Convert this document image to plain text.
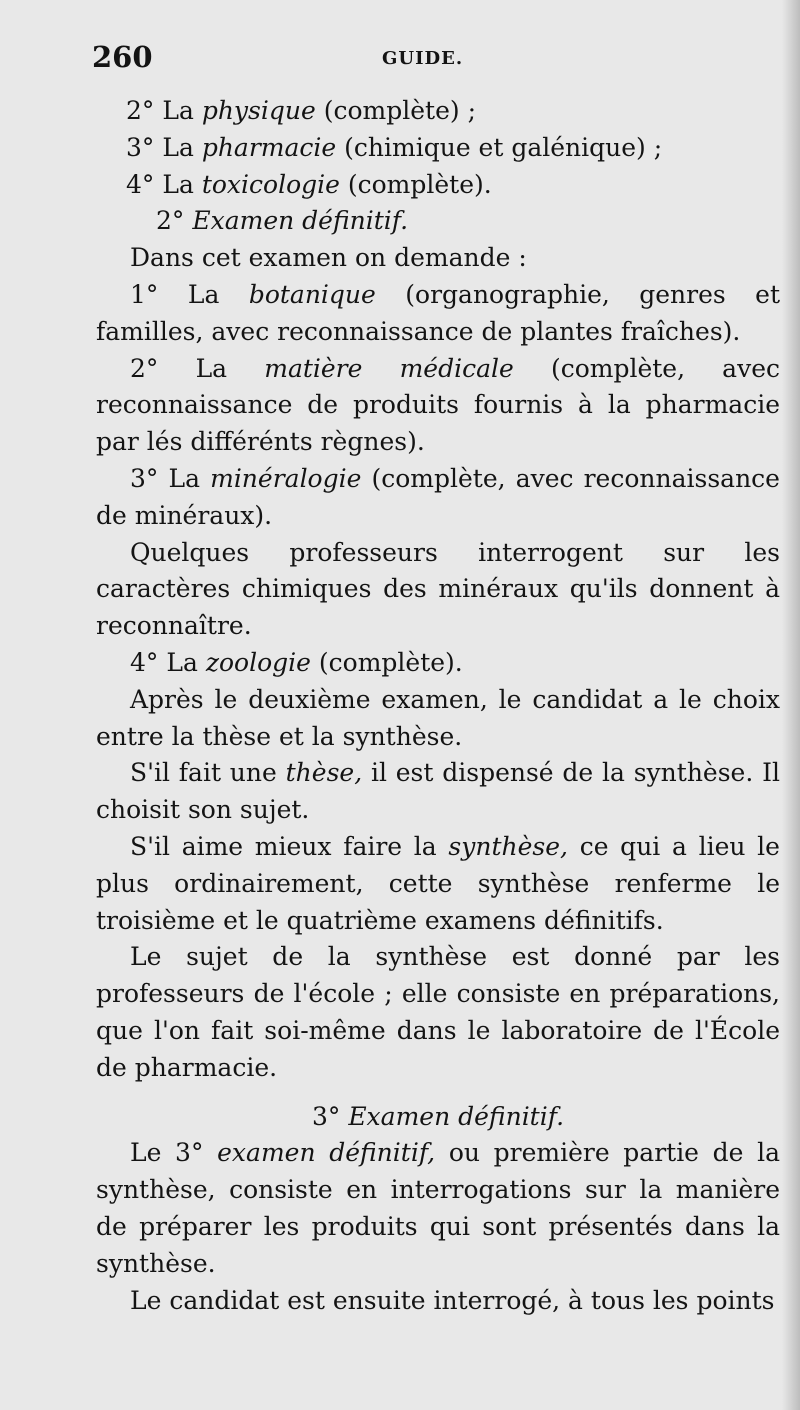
260	GUIDE.

2° La physique (complète) ;

3° La pharmacie (chimique et galénique) ;

4° La toxicologie (complète).

2° Examen définitif.

Dans cet examen on demande :

1° La botanique (organographie, genres et familles, avec reconnaissance de plantes fraîches).

2° La matière médicale (complète, avec reconnaissance de produits fournis à la pharmacie par lés différénts règnes).

3° La minéralogie (complète, avec reconnaissance de minéraux).

Quelques professeurs interrogent sur les caractères chimiques des minéraux qu'ils donnent à reconnaître.

4° La zoologie (complète).

Après le deuxième examen, le candidat a le choix entre la thèse et la synthèse.

S'il fait une thèse, il est dispensé de la synthèse. Il choisit son sujet.

S'il aime mieux faire la synthèse, ce qui a lieu le plus ordinairement, cette synthèse renferme le troisième et le quatrième examens définitifs.

Le sujet de la synthèse est donné par les professeurs de l'école ; elle consiste en préparations, que l'on fait soi-même dans le laboratoire de l'École de pharmacie.

3° Examen définitif.

Le 3° examen définitif, ou première partie de la synthèse, consiste en interrogations sur la manière de préparer les produits qui sont présentés dans la synthèse.

Le candidat est ensuite interrogé, à tous les points
